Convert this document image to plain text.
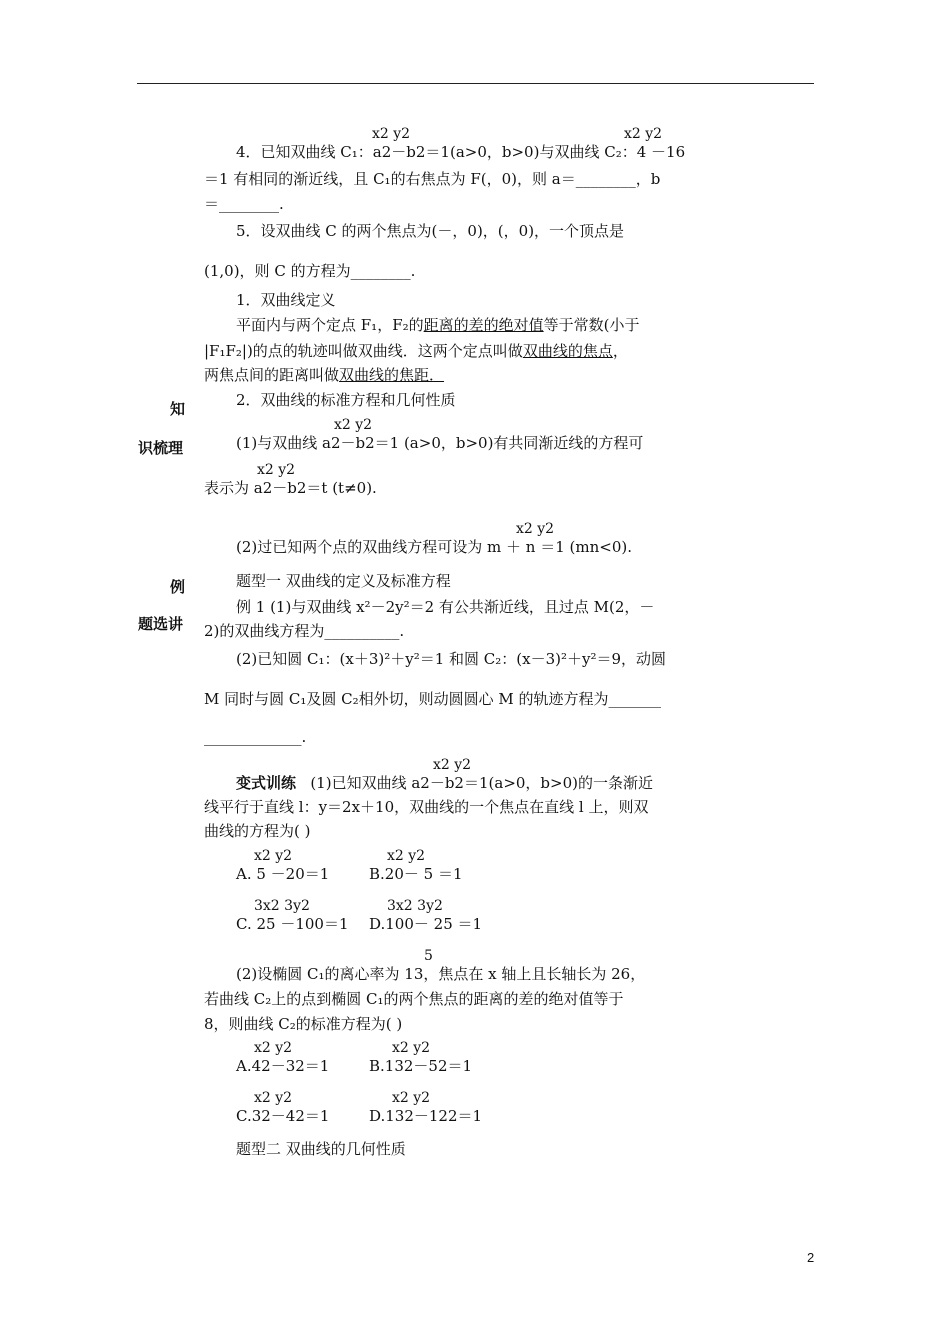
x2 y2	x2 y2
4．已知双曲线 C₁：a2－b2＝1(a>0，b>0)与双曲线 C₂：4 －16
＝1 有相同的渐近线，且 C₁的右焦点为 F(，0)，则 a＝________，b
＝________.
5．设双曲线 C 的两个焦点为(－，0)，(，0)，一个顶点是
(1,0)，则 C 的方程为________.
1．双曲线定义
平面内与两个定点 F₁，F₂的距离的差的绝对值等于常数(小于
|F₁F₂|)的点的轨迹叫做双曲线．这两个定点叫做双曲线的焦点，
两焦点间的距离叫做双曲线的焦距．
知
识梳理
2．双曲线的标准方程和几何性质
x2 y2
(1)与双曲线 a2－b2＝1 (a>0，b>0)有共同渐近线的方程可
x2 y2
表示为 a2－b2＝t (t≠0).
x2 y2
(2)过已知两个点的双曲线方程可设为 m ＋ n ＝1 (mn<0).
例
题选讲
题型一 双曲线的定义及标准方程
例 1 (1)与双曲线 x²－2y²＝2 有公共渐近线，且过点 M(2，－
2)的双曲线方程为__________.
(2)已知圆 C₁：(x＋3)²＋y²＝1 和圆 C₂：(x－3)²＋y²＝9，动圆
M 同时与圆 C₁及圆 C₂相外切，则动圆圆心 M 的轨迹方程为_______
_____________.
x2 y2
变式训练 (1)已知双曲线 a2－b2＝1(a>0，b>0)的一条渐近
线平行于直线 l：y＝2x＋10，双曲线的一个焦点在直线 l 上，则双
曲线的方程为( )
x2 y2	x2 y2
A. 5 －20＝1	B.20－ 5 ＝1
3x2 3y2	3x2 3y2
C. 25 －100＝1 D.100－ 25 ＝1
5
(2)设椭圆 C₁的离心率为 13，焦点在 x 轴上且长轴长为 26，
若曲线 C₂上的点到椭圆 C₁的两个焦点的距离的差的绝对值等于
8，则曲线 C₂的标准方程为( )
x2 y2	x2 y2
A.42－32＝1	B.132－52＝1
x2 y2	x2 y2
C.32－42＝1	D.132－122＝1
题型二 双曲线的几何性质
2
